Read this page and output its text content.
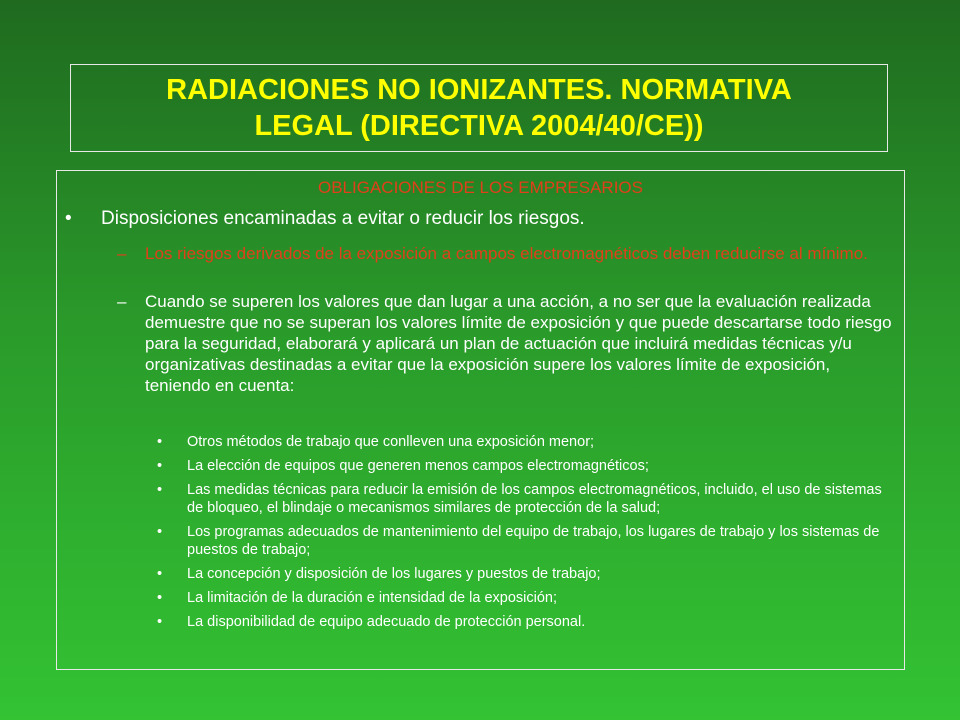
RADIACIONES NO IONIZANTES. NORMATIVA
LEGAL (DIRECTIVA 2004/40/CE))
OBLIGACIONES DE LOS EMPRESARIOS
• Disposiciones encaminadas a evitar o reducir los riesgos.
– Los riesgos derivados de la exposición a campos electromagnéticos deben reducirse al mínimo.
– Cuando se superen los valores que dan lugar a una acción, a no ser que la evaluación realizada demuestre que no se superan los valores límite de exposición y que puede descartarse todo riesgo para la seguridad, elaborará y aplicará un plan de actuación que incluirá medidas técnicas y/u organizativas destinadas a evitar que la exposición supere los valores límite de exposición, teniendo en cuenta:
• Otros métodos de trabajo que conlleven una exposición menor;
• La elección de equipos que generen menos campos electromagnéticos;
• Las medidas técnicas para reducir la emisión de los campos electromagnéticos, incluido, el uso de sistemas de bloqueo, el blindaje o mecanismos similares de protección de la salud;
• Los programas adecuados de mantenimiento del equipo de trabajo, los lugares de trabajo y los sistemas de puestos de trabajo;
• La concepción y disposición de los lugares y puestos de trabajo;
• La limitación de la duración e intensidad de la exposición;
• La disponibilidad de equipo adecuado de protección personal.
